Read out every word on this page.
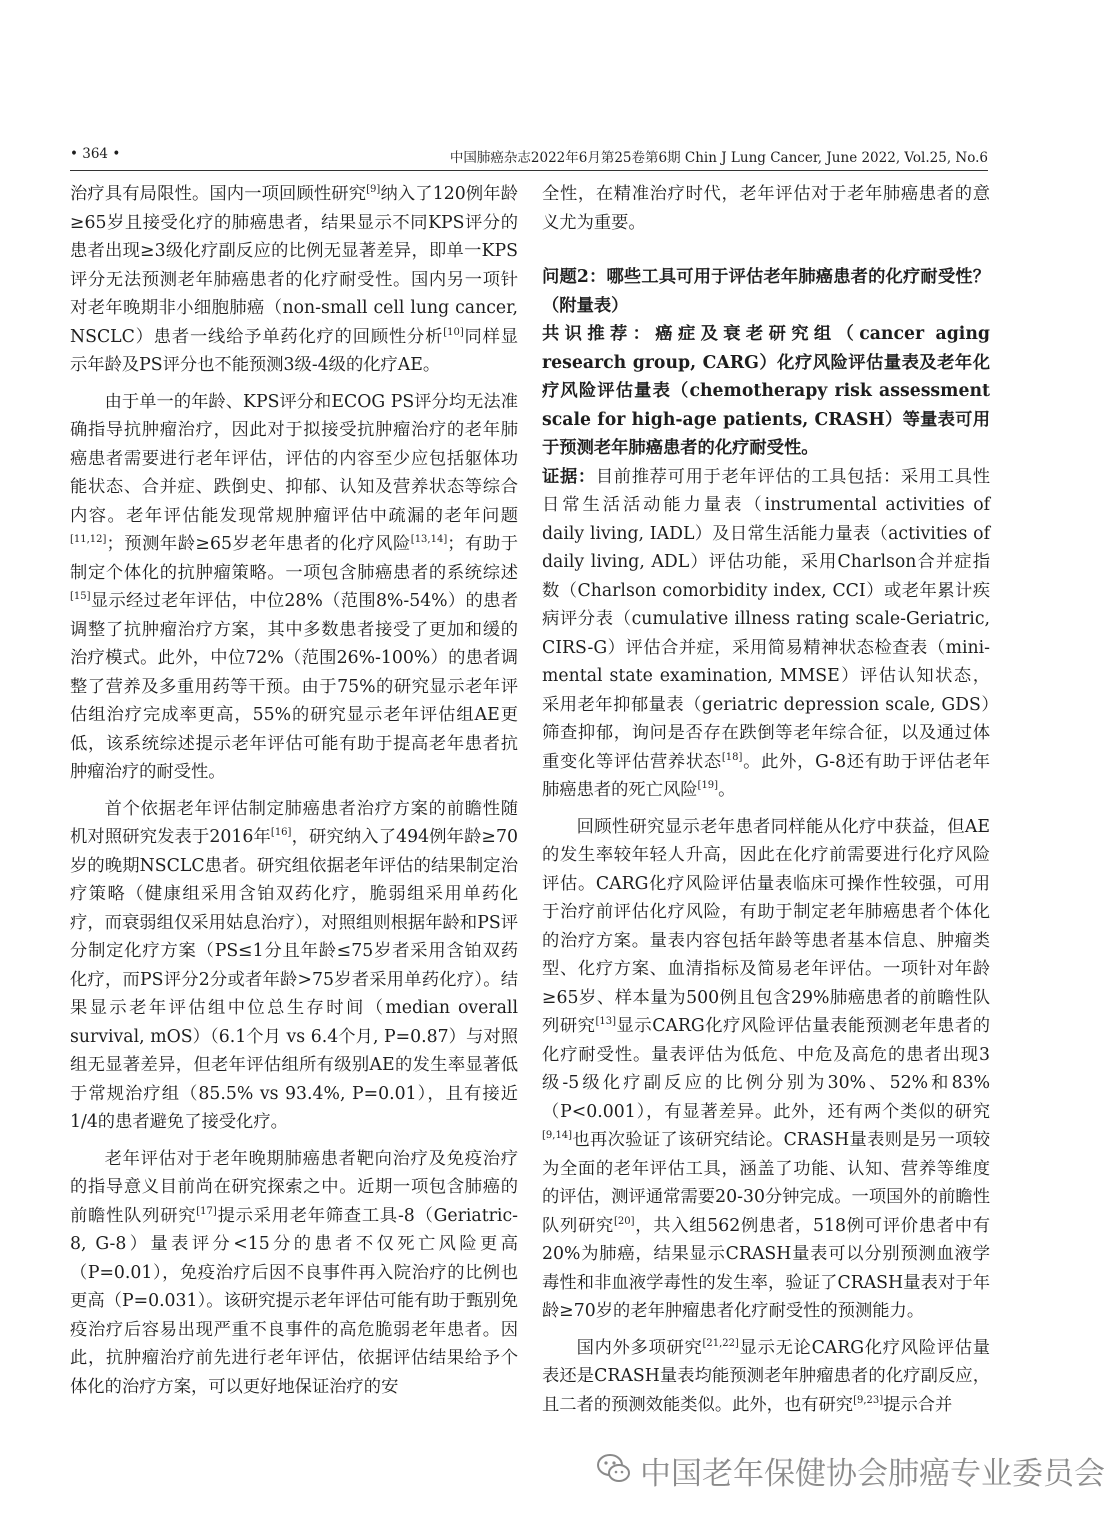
• 364 •	中国肺癌杂志2022年6月第25卷第6期 Chin J Lung Cancer, June 2022, Vol.25, No.6

治疗具有局限性。国内一项回顾性研究[9]纳入了120例年龄≥65岁且接受化疗的肺癌患者，结果显示不同KPS评分的患者出现≥3级化疗副反应的比例无显著差异，即单一KPS评分无法预测老年肺癌患者的化疗耐受性。国内另一项针对老年晚期非小细胞肺癌（non-small cell lung cancer, NSCLC）患者一线给予单药化疗的回顾性分析[10]同样显示年龄及PS评分也不能预测3级-4级的化疗AE。

由于单一的年龄、KPS评分和ECOG PS评分均无法准确指导抗肿瘤治疗，因此对于拟接受抗肿瘤治疗的老年肺癌患者需要进行老年评估，评估的内容至少应包括躯体功能状态、合并症、跌倒史、抑郁、认知及营养状态等综合内容。老年评估能发现常规肿瘤评估中疏漏的老年问题[11,12]；预测年龄≥65岁老年患者的化疗风险[13,14]；有助于制定个体化的抗肿瘤策略。一项包含肺癌患者的系统综述[15]显示经过老年评估，中位28%（范围8%-54%）的患者调整了抗肿瘤治疗方案，其中多数患者接受了更加和缓的治疗模式。此外，中位72%（范围26%-100%）的患者调整了营养及多重用药等干预。由于75%的研究显示老年评估组治疗完成率更高，55%的研究显示老年评估组AE更低，该系统综述提示老年评估可能有助于提高老年患者抗肿瘤治疗的耐受性。

首个依据老年评估制定肺癌患者治疗方案的前瞻性随机对照研究发表于2016年[16]，研究纳入了494例年龄≥70岁的晚期NSCLC患者。研究组依据老年评估的结果制定治疗策略（健康组采用含铂双药化疗，脆弱组采用单药化疗，而衰弱组仅采用姑息治疗），对照组则根据年龄和PS评分制定化疗方案（PS≤1分且年龄≤75岁者采用含铂双药化疗，而PS评分2分或者年龄>75岁者采用单药化疗）。结果显示老年评估组中位总生存时间（median overall survival, mOS）（6.1个月 vs 6.4个月, P=0.87）与对照组无显著差异，但老年评估组所有级别AE的发生率显著低于常规治疗组（85.5% vs 93.4%, P=0.01），且有接近1/4的患者避免了接受化疗。

老年评估对于老年晚期肺癌患者靶向治疗及免疫治疗的指导意义目前尚在研究探索之中。近期一项包含肺癌的前瞻性队列研究[17]提示采用老年筛查工具-8（Geriatric-8, G-8）量表评分<15分的患者不仅死亡风险更高（P=0.01），免疫治疗后因不良事件再入院治疗的比例也更高（P=0.031）。该研究提示老年评估可能有助于甄别免疫治疗后容易出现严重不良事件的高危脆弱老年患者。因此，抗肿瘤治疗前先进行老年评估，依据评估结果给予个体化的治疗方案，可以更好地保证治疗的安

全性，在精准治疗时代，老年评估对于老年肺癌患者的意义尤为重要。

问题2：哪些工具可用于评估老年肺癌患者的化疗耐受性？（附量表）

共识推荐：癌症及衰老研究组（cancer aging research group, CARG）化疗风险评估量表及老年化疗风险评估量表（chemotherapy risk assessment scale for high-age patients, CRASH）等量表可用于预测老年肺癌患者的化疗耐受性。

证据：目前推荐可用于老年评估的工具包括：采用工具性日常生活活动能力量表（instrumental activities of daily living, IADL）及日常生活能力量表（activities of daily living, ADL）评估功能，采用Charlson合并症指数（Charlson comorbidity index, CCI）或老年累计疾病评分表（cumulative illness rating scale-Geriatric, CIRS-G）评估合并症，采用简易精神状态检查表（mini-mental state examination, MMSE）评估认知状态，采用老年抑郁量表（geriatric depression scale, GDS）筛查抑郁，询问是否存在跌倒等老年综合征，以及通过体重变化等评估营养状态[18]。此外，G-8还有助于评估老年肺癌患者的死亡风险[19]。

回顾性研究显示老年患者同样能从化疗中获益，但AE的发生率较年轻人升高，因此在化疗前需要进行化疗风险评估。CARG化疗风险评估量表临床可操作性较强，可用于治疗前评估化疗风险，有助于制定老年肺癌患者个体化的治疗方案。量表内容包括年龄等患者基本信息、肿瘤类型、化疗方案、血清指标及简易老年评估。一项针对年龄≥65岁、样本量为500例且包含29%肺癌患者的前瞻性队列研究[13]显示CARG化疗风险评估量表能预测老年患者的化疗耐受性。量表评估为低危、中危及高危的患者出现3级-5级化疗副反应的比例分别为30%、52%和83%（P<0.001），有显著差异。此外，还有两个类似的研究[9,14]也再次验证了该研究结论。CRASH量表则是另一项较为全面的老年评估工具，涵盖了功能、认知、营养等维度的评估，测评通常需要20-30分钟完成。一项国外的前瞻性队列研究[20]，共入组562例患者，518例可评价患者中有20%为肺癌，结果显示CRASH量表可以分别预测血液学毒性和非血液学毒性的发生率，验证了CRASH量表对于年龄≥70岁的老年肿瘤患者化疗耐受性的预测能力。

国内外多项研究[21,22]显示无论CARG化疗风险评估量表还是CRASH量表均能预测老年肿瘤患者的化疗副反应，且二者的预测效能类似。此外，也有研究[9,23]提示合并

中国老年保健协会肺癌专业委员会
